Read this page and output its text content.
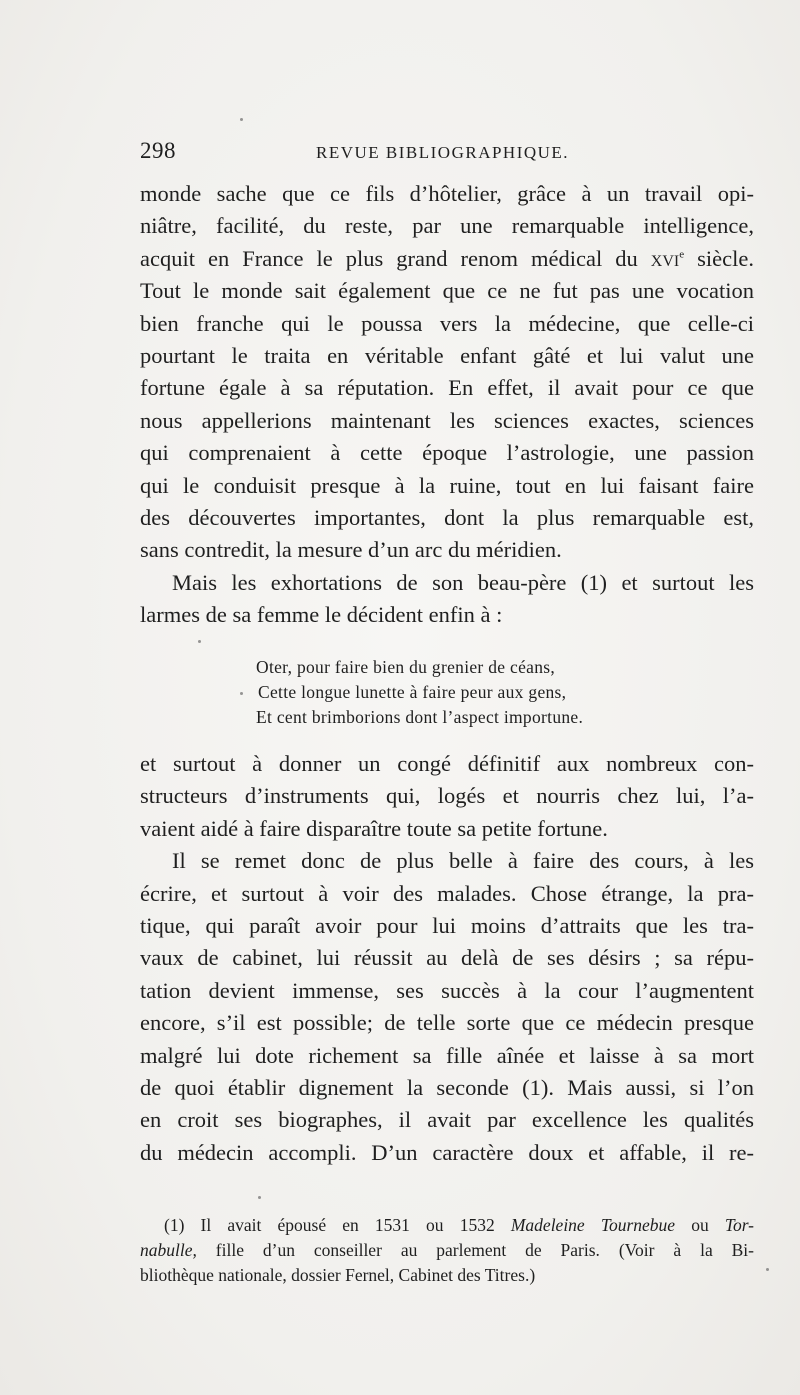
298	REVUE BIBLIOGRAPHIQUE.
monde sache que ce fils d’hôtelier, grâce à un travail opi-
niâtre, facilité, du reste, par une remarquable intelligence,
acquit en France le plus grand renom médical du xvi$^e$ siècle.
Tout le monde sait également que ce ne fut pas une vocation
bien franche qui le poussa vers la médecine, que celle-ci
pourtant le traita en véritable enfant gâté et lui valut une
fortune égale à sa réputation. En effet, il avait pour ce que
nous appellerions maintenant les sciences exactes, sciences
qui comprenaient à cette époque l’astrologie, une passion
qui le conduisit presque à la ruine, tout en lui faisant faire
des découvertes importantes, dont la plus remarquable est,
sans contredit, la mesure d’un arc du méridien.
Mais les exhortations de son beau-père (1) et surtout les
larmes de sa femme le décident enfin à :
Oter, pour faire bien du grenier de céans,
Cette longue lunette à faire peur aux gens,
Et cent brimborions dont l’aspect importune.
et surtout à donner un congé définitif aux nombreux con-
structeurs d’instruments qui, logés et nourris chez lui, l’a-
vaient aidé à faire disparaître toute sa petite fortune.
Il se remet donc de plus belle à faire des cours, à les
écrire, et surtout à voir des malades. Chose étrange, la pra-
tique, qui paraît avoir pour lui moins d’attraits que les tra-
vaux de cabinet, lui réussit au delà de ses désirs ; sa répu-
tation devient immense, ses succès à la cour l’augmentent
encore, s’il est possible; de telle sorte que ce médecin presque
malgré lui dote richement sa fille aînée et laisse à sa mort
de quoi établir dignement la seconde (1). Mais aussi, si l’on
en croit ses biographes, il avait par excellence les qualités
du médecin accompli. D’un caractère doux et affable, il re-
(1) Il avait épousé en 1531 ou 1532 Madeleine Tournebue ou Tor-
nabulle, fille d’un conseiller au parlement de Paris. (Voir à la Bi-
bliothèque nationale, dossier Fernel, Cabinet des Titres.)
